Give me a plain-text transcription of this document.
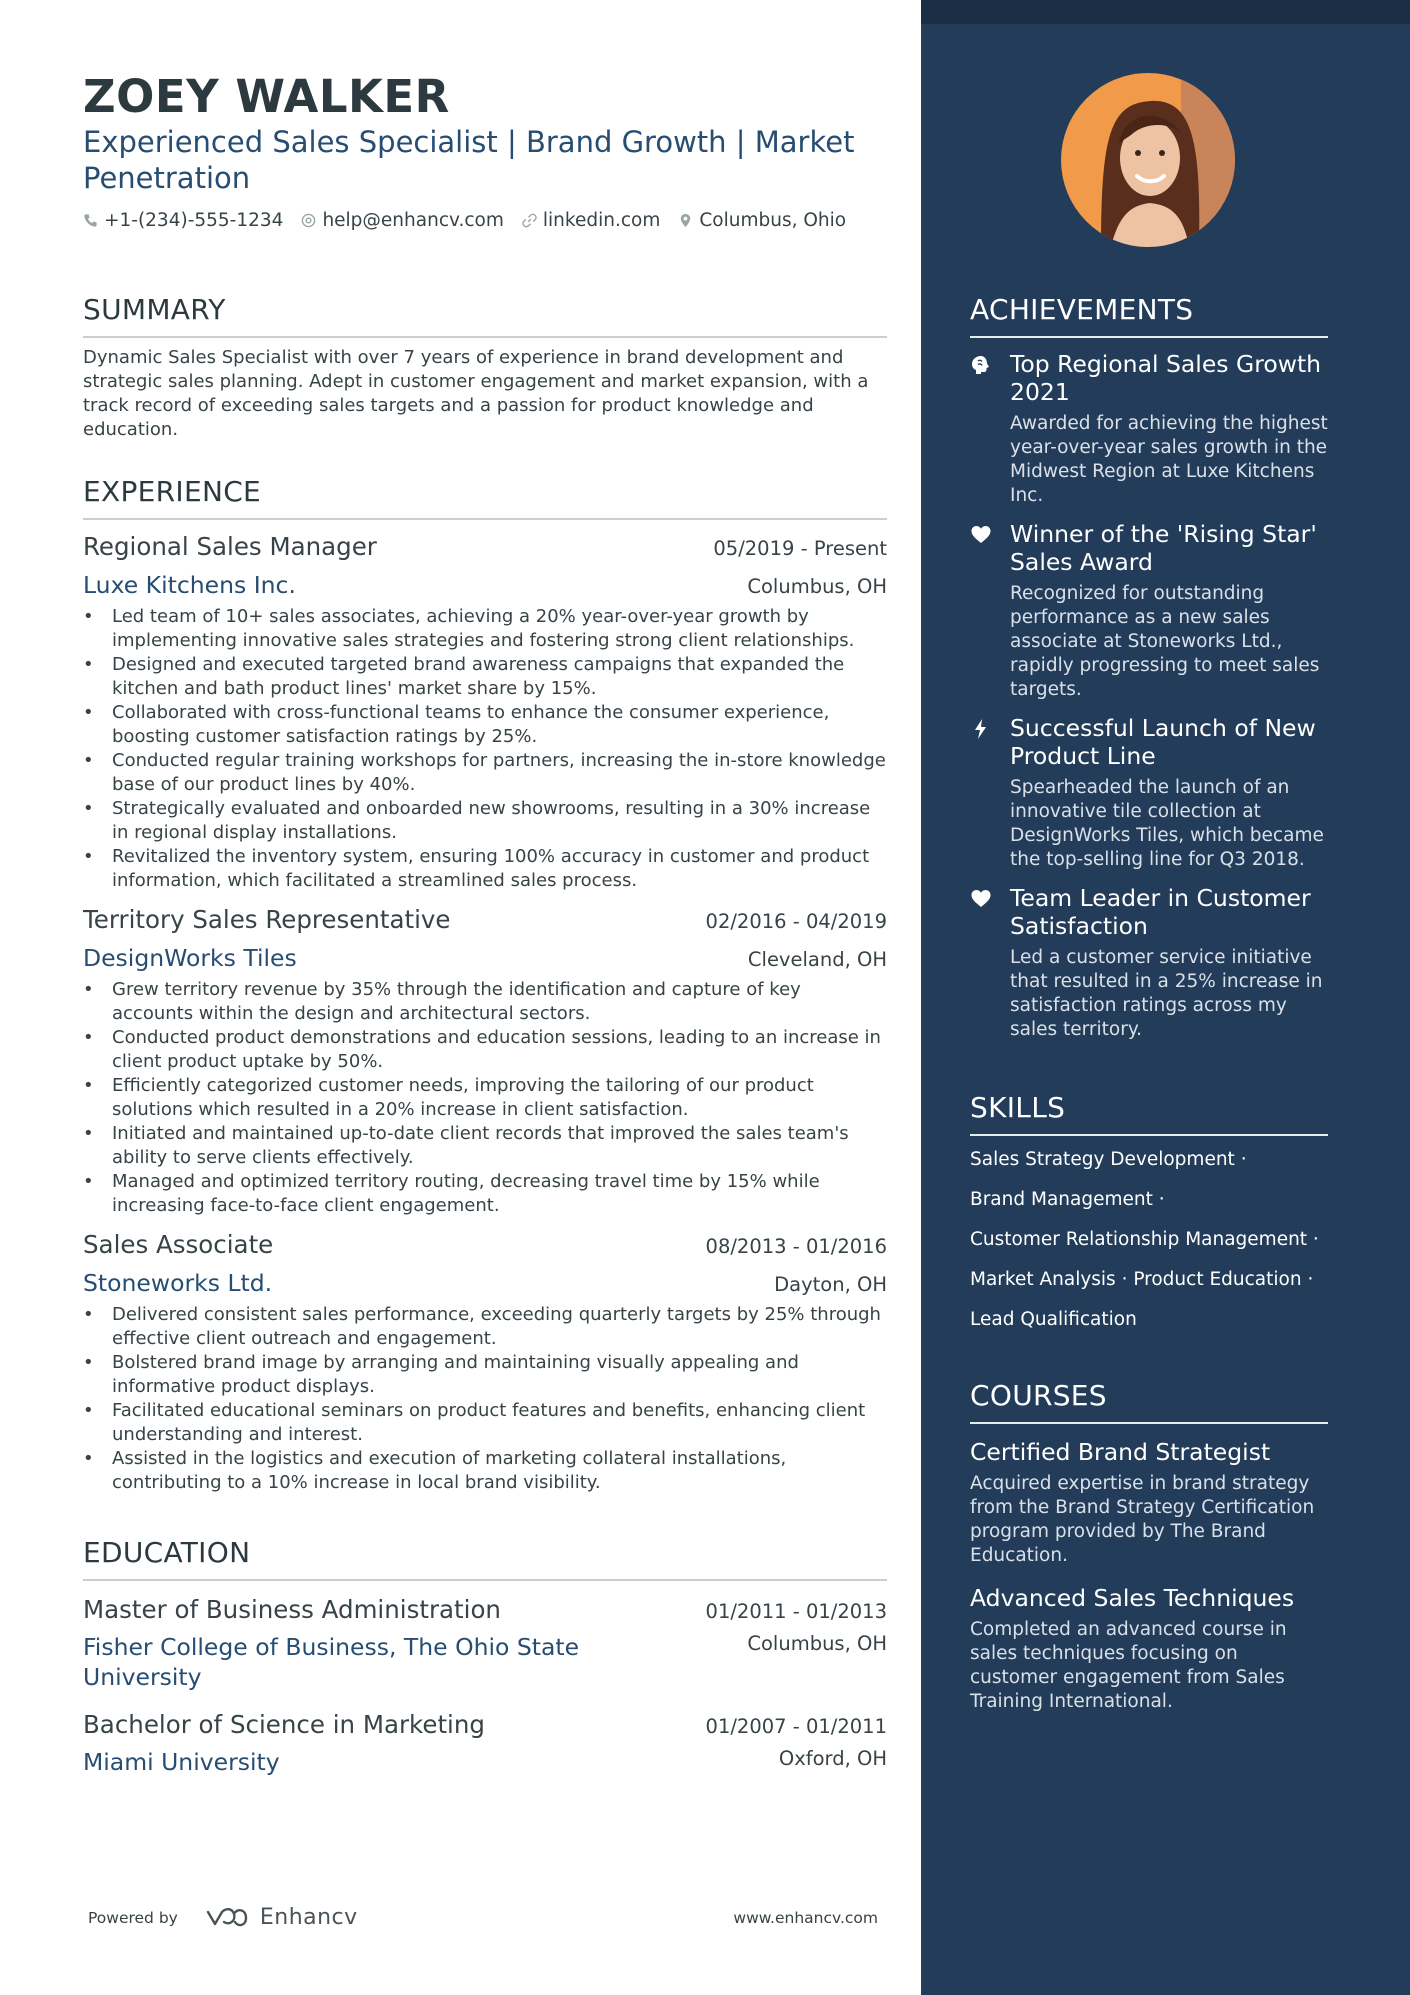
ZOEY WALKER
Experienced Sales Specialist | Brand Growth | Market Penetration
+1-(234)-555-1234 help@enhancv.com linkedin.com Columbus, Ohio
SUMMARY
Dynamic Sales Specialist with over 7 years of experience in brand development and strategic sales planning. Adept in customer engagement and market expansion, with a track record of exceeding sales targets and a passion for product knowledge and education.
EXPERIENCE
Regional Sales Manager	05/2019 - Present
Luxe Kitchens Inc.	Columbus, OH
• Led team of 10+ sales associates, achieving a 20% year-over-year growth by implementing innovative sales strategies and fostering strong client relationships.
• Designed and executed targeted brand awareness campaigns that expanded the kitchen and bath product lines' market share by 15%.
• Collaborated with cross-functional teams to enhance the consumer experience, boosting customer satisfaction ratings by 25%.
• Conducted regular training workshops for partners, increasing the in-store knowledge base of our product lines by 40%.
• Strategically evaluated and onboarded new showrooms, resulting in a 30% increase in regional display installations.
• Revitalized the inventory system, ensuring 100% accuracy in customer and product information, which facilitated a streamlined sales process.
Territory Sales Representative	02/2016 - 04/2019
DesignWorks Tiles	Cleveland, OH
• Grew territory revenue by 35% through the identification and capture of key accounts within the design and architectural sectors.
• Conducted product demonstrations and education sessions, leading to an increase in client product uptake by 50%.
• Efficiently categorized customer needs, improving the tailoring of our product solutions which resulted in a 20% increase in client satisfaction.
• Initiated and maintained up-to-date client records that improved the sales team's ability to serve clients effectively.
• Managed and optimized territory routing, decreasing travel time by 15% while increasing face-to-face client engagement.
Sales Associate	08/2013 - 01/2016
Stoneworks Ltd.	Dayton, OH
• Delivered consistent sales performance, exceeding quarterly targets by 25% through effective client outreach and engagement.
• Bolstered brand image by arranging and maintaining visually appealing and informative product displays.
• Facilitated educational seminars on product features and benefits, enhancing client understanding and interest.
• Assisted in the logistics and execution of marketing collateral installations, contributing to a 10% increase in local brand visibility.
EDUCATION
Master of Business Administration	01/2011 - 01/2013
Fisher College of Business, The Ohio State University
Columbus, OH
Bachelor of Science in Marketing	01/2007 - 01/2011
Miami University	Oxford, OH
Powered by	Enhancv	www.enhancv.com
ACHIEVEMENTS
Top Regional Sales Growth 2021
Awarded for achieving the highest year-over-year sales growth in the Midwest Region at Luxe Kitchens Inc.
Winner of the 'Rising Star' Sales Award
Recognized for outstanding performance as a new sales associate at Stoneworks Ltd., rapidly progressing to meet sales targets.
Successful Launch of New Product Line
Spearheaded the launch of an innovative tile collection at DesignWorks Tiles, which became the top-selling line for Q3 2018.
Team Leader in Customer Satisfaction
Led a customer service initiative that resulted in a 25% increase in satisfaction ratings across my sales territory.
SKILLS
Sales Strategy Development ·
Brand Management ·
Customer Relationship Management ·
Market Analysis · Product Education ·
Lead Qualification
COURSES
Certified Brand Strategist
Acquired expertise in brand strategy from the Brand Strategy Certification program provided by The Brand Education.
Advanced Sales Techniques
Completed an advanced course in sales techniques focusing on customer engagement from Sales Training International.
